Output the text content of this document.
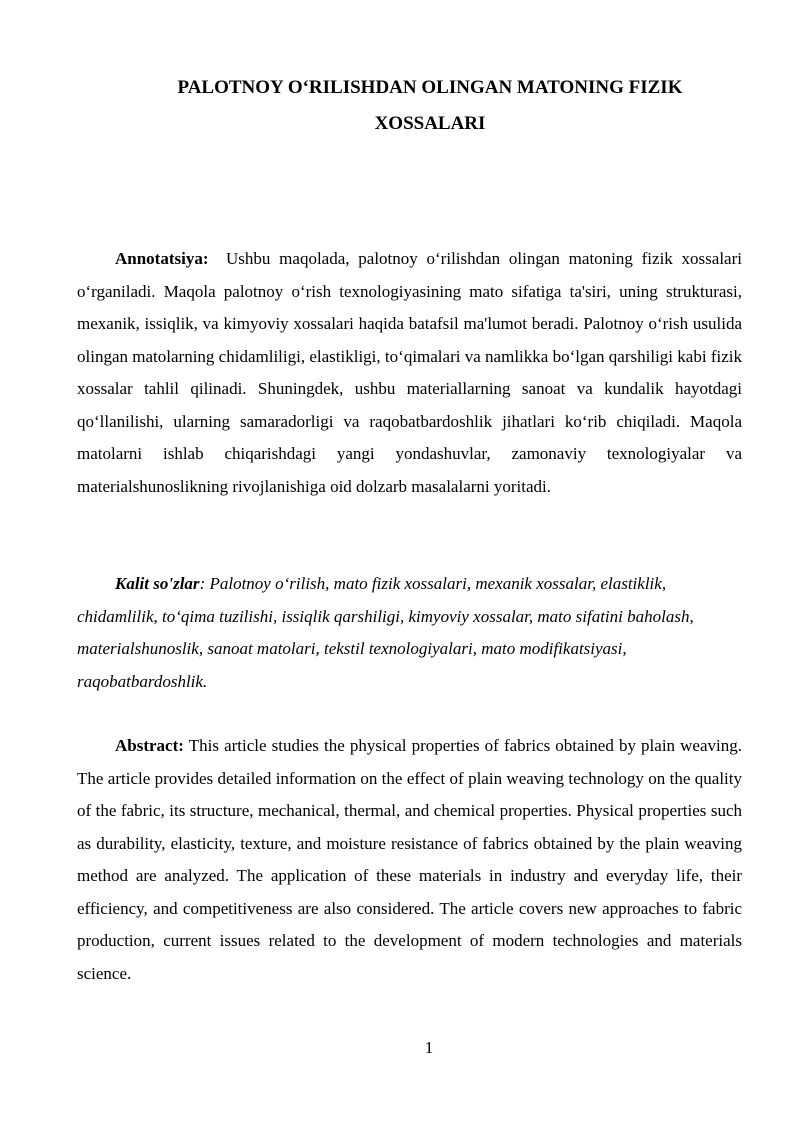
PALOTNOY O‘RILISHDAN OLINGAN MATONING FIZIK XOSSALARI

Annotatsiya: Ushbu maqolada, palotnoy o‘rilishdan olingan matoning fizik xossalari o‘rganiladi. Maqola palotnoy o‘rish texnologiyasining mato sifatiga ta'siri, uning strukturasi, mexanik, issiqlik, va kimyoviy xossalari haqida batafsil ma'lumot beradi. Palotnoy o‘rish usulida olingan matolarning chidamliligi, elastikligi, to‘qimalari va namlikka bo‘lgan qarshiligi kabi fizik xossalar tahlil qilinadi. Shuningdek, ushbu materiallarning sanoat va kundalik hayotdagi qo‘llanilishi, ularning samaradorligi va raqobatbardoshlik jihatlari ko‘rib chiqiladi. Maqola matolarni ishlab chiqarishdagi yangi yondashuvlar, zamonaviy texnologiyalar va materialshunoslikning rivojlanishiga oid dolzarb masalalarni yoritadi.

Kalit so'zlar: Palotnoy o‘rilish, mato fizik xossalari, mexanik xossalar, elastiklik, chidamlilik, to‘qima tuzilishi, issiqlik qarshiligi, kimyoviy xossalar, mato sifatini baholash, materialshunoslik, sanoat matolari, tekstil texnologiyalari, mato modifikatsiyasi, raqobatbardoshlik.

Abstract: This article studies the physical properties of fabrics obtained by plain weaving. The article provides detailed information on the effect of plain weaving technology on the quality of the fabric, its structure, mechanical, thermal, and chemical properties. Physical properties such as durability, elasticity, texture, and moisture resistance of fabrics obtained by the plain weaving method are analyzed. The application of these materials in industry and everyday life, their efficiency, and competitiveness are also considered. The article covers new approaches to fabric production, current issues related to the development of modern technologies and materials science.

1
